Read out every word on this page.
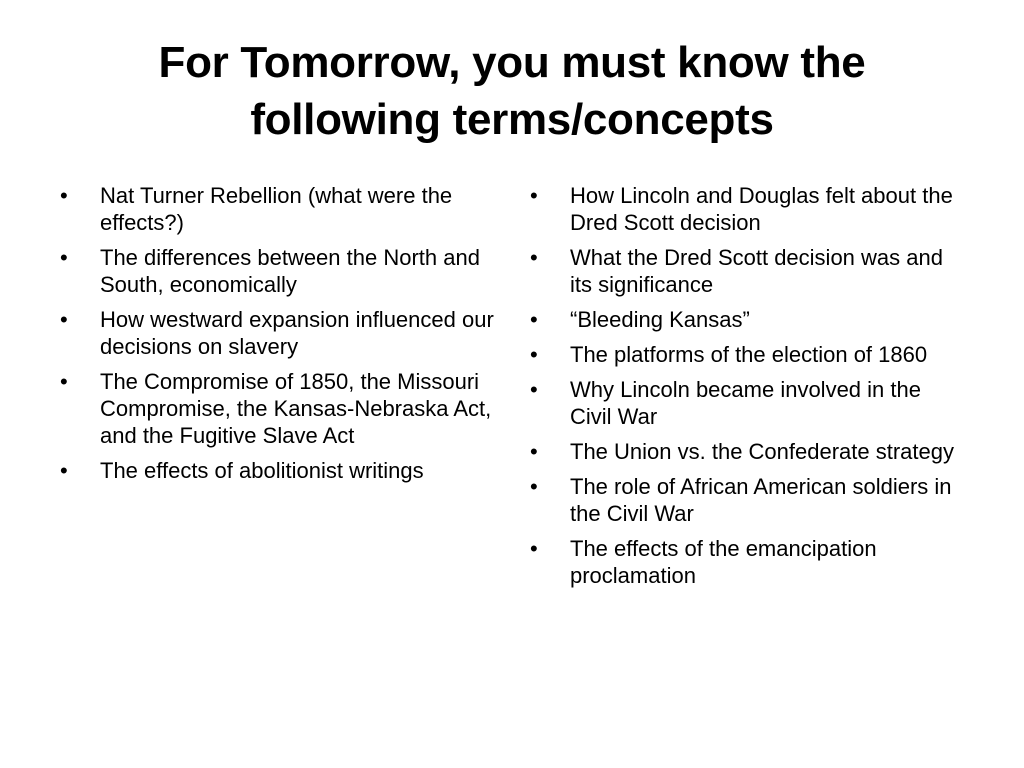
For Tomorrow, you must know the
following terms/concepts
• Nat Turner Rebellion (what were the effects?)
• The differences between the North and South, economically
• How westward expansion influenced our decisions on slavery
• The Compromise of 1850, the Missouri Compromise, the Kansas-Nebraska Act, and the Fugitive Slave Act
• The effects of abolitionist writings
• How Lincoln and Douglas felt about the Dred Scott decision
• What the Dred Scott decision was and its significance
• “Bleeding Kansas”
• The platforms of the election of 1860
• Why Lincoln became involved in the Civil War
• The Union vs. the Confederate strategy
• The role of African American soldiers in the Civil War
• The effects of the emancipation proclamation
